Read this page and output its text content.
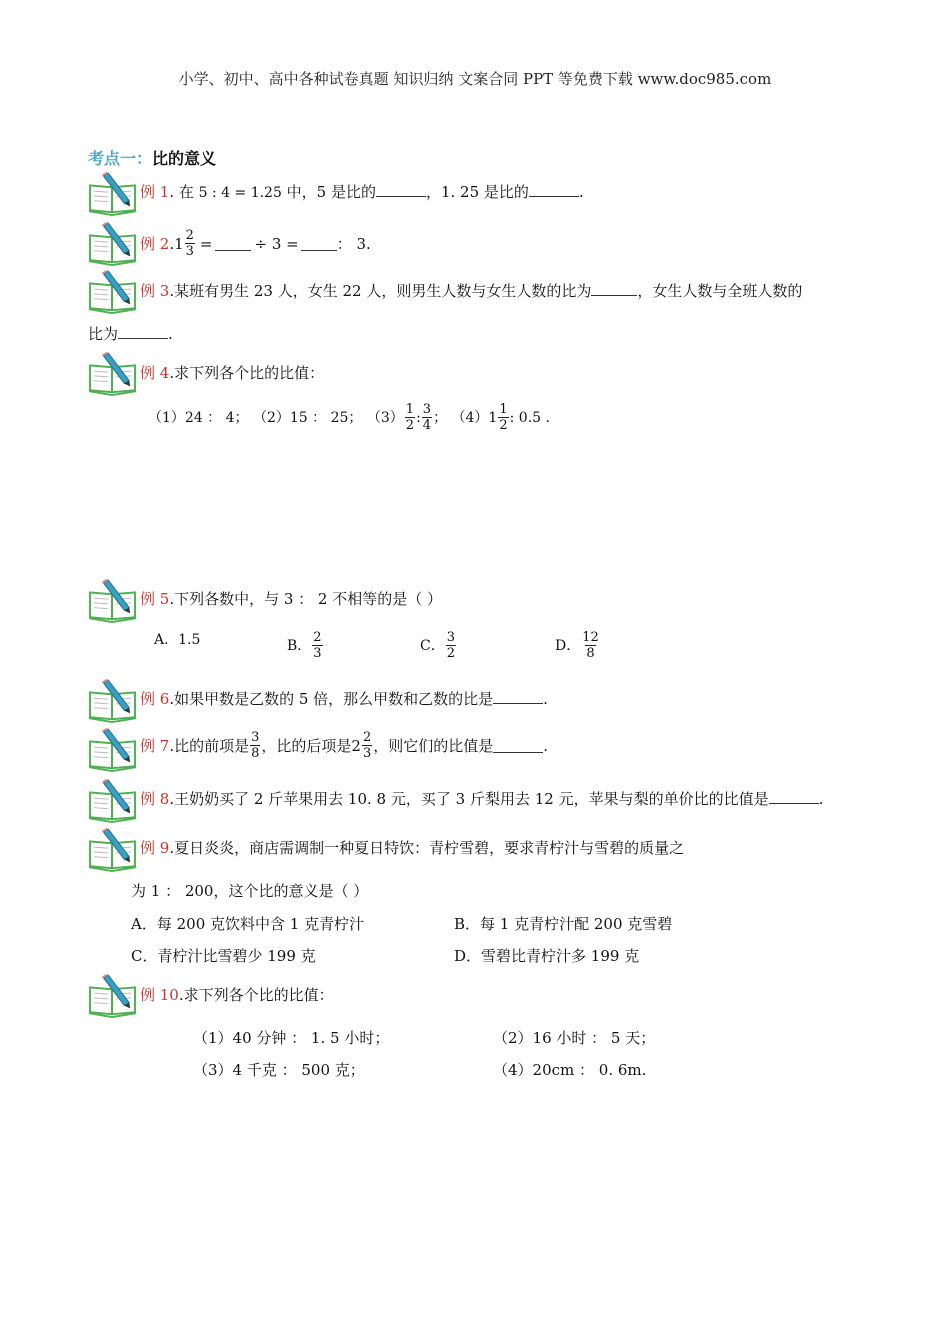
小学、初中、高中各种试卷真题 知识归纳 文案合同 PPT 等免费下载 www.doc985.com
考点一：比的意义
例 1. 在 5 : 4 = 1.25 中，5 是比的	，1. 25 是比的	.
例 2 . $1 \frac{2}{3}$ =	÷ 3 =	： 3.
例 3.某班有男生 23 人，女生 22 人，则男生人数与女生人数的比为	，女生人数与全班人数的
比为	.
例 4.求下列各个比的比值：
（1）24 ： 4； （2）15 ： 25； $(3) \frac{1}{2}$ : $\frac{3}{4}$ ； （4） $1 \frac{1}{2}$ : 0.5 .
例 5.下列各数中，与 3 ： 2 不相等的是（ ）
A．1.5	B． $\frac{2}{3}$	C． $\frac{3}{2}$	D． $\frac{12}{8}$
例 6.如果甲数是乙数的 5 倍，那么甲数和乙数的比是	.
例 7 .比的前项是 $\frac{3}{8}$ ，比的后项是 $2 \frac{2}{3}$ ，则它们的比值是	.
例 8.王奶奶买了 2 斤苹果用去 10. 8 元，买了 3 斤梨用去 12 元，苹果与梨的单价比的比值是	.
例 9.夏日炎炎，商店需调制一种夏日特饮：青柠雪碧，要求青柠汁与雪碧的质量之
为 1 ： 200，这个比的意义是（ ）
A．每 200 克饮料中含 1 克青柠汁	B．每 1 克青柠汁配 200 克雪碧
C．青柠汁比雪碧少 199 克	D．雪碧比青柠汁多 199 克
例 10.求下列各个比的比值：
（1）40 分钟 ： 1. 5 小时；	（2）16 小时 ： 5 天；
（3）4 千克 ： 500 克；	（4）20cm ： 0. 6m.
